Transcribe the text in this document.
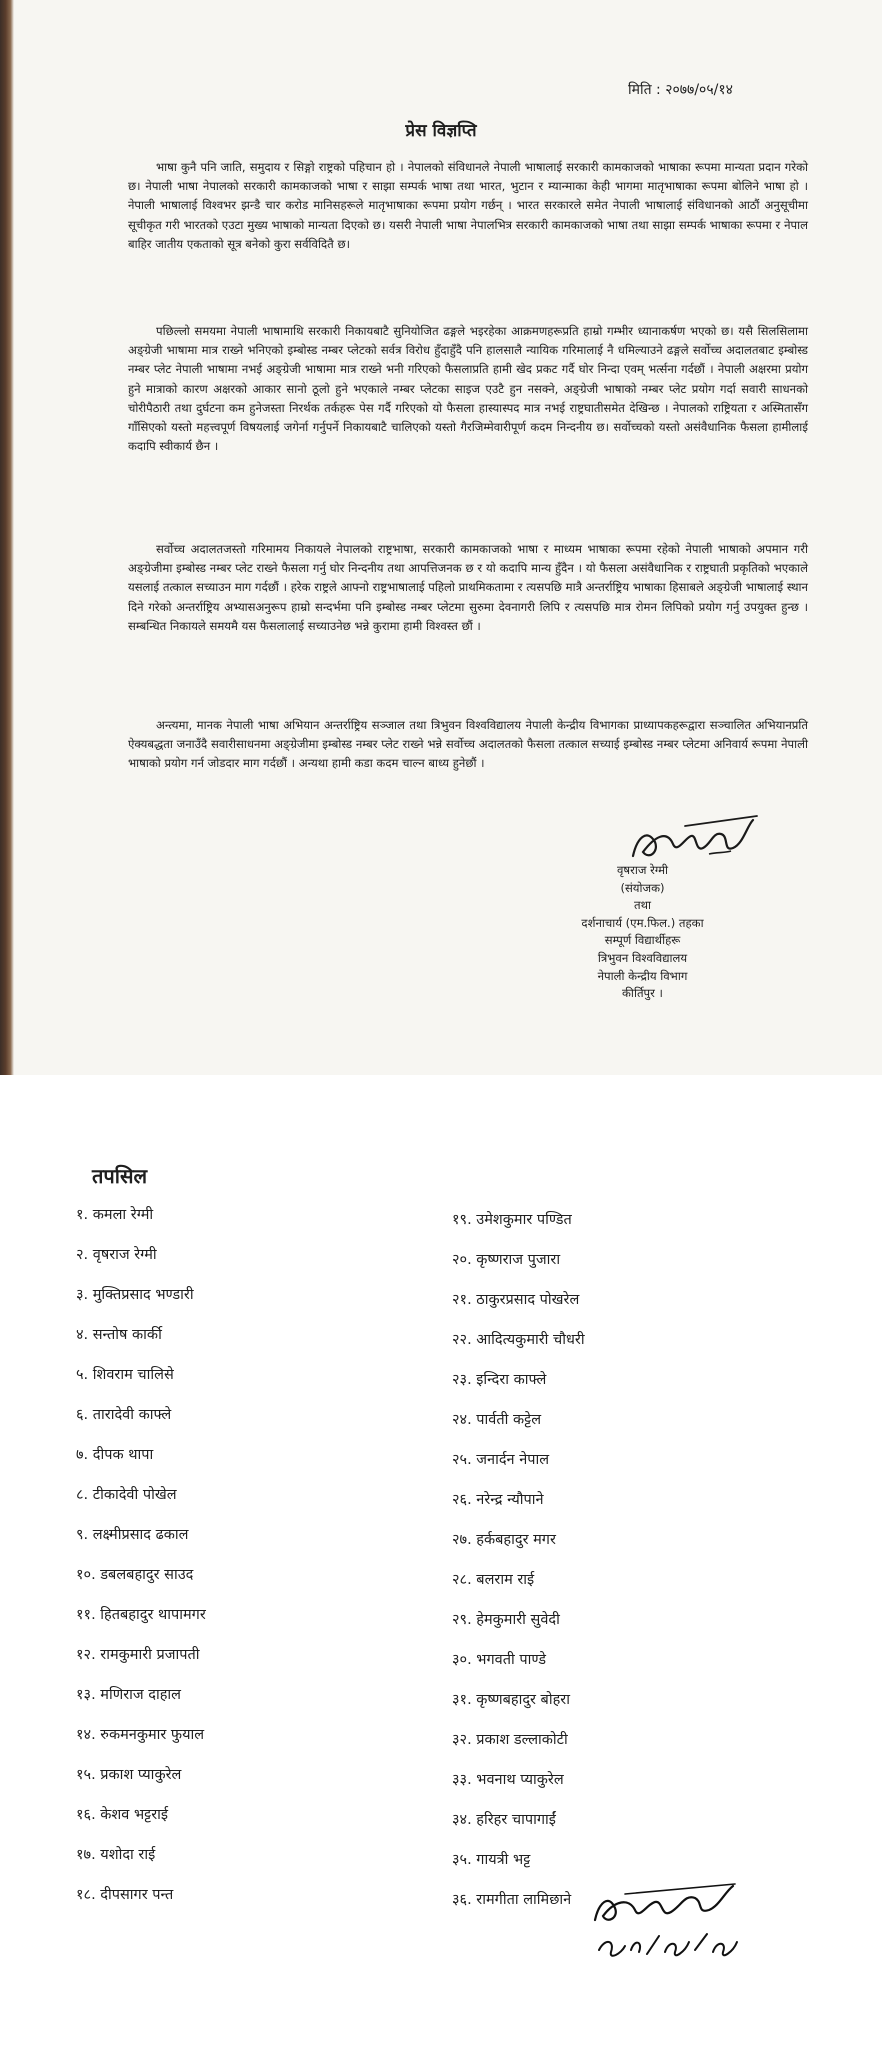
मिति : २०७७/०५/१४
प्रेस विज्ञप्ति

भाषा कुनै पनि जाति, समुदाय र सिङ्गो राष्ट्रको पहिचान हो । नेपालको संविधानले नेपाली भाषालाई सरकारी कामकाजको भाषाका रूपमा मान्यता प्रदान गरेको छ। नेपाली भाषा नेपालको सरकारी कामकाजको भाषा र साझा सम्पर्क भाषा तथा भारत, भुटान र म्यान्माका केही भागमा मातृभाषाका रूपमा बोलिने भाषा हो । नेपाली भाषालाई विश्वभर झन्डै चार करोड मानिसहरूले मातृभाषाका रूपमा प्रयोग गर्छन् । भारत सरकारले समेत नेपाली भाषालाई संविधानको आठौं अनुसूचीमा सूचीकृत गरी भारतको एउटा मुख्य भाषाको मान्यता दिएको छ। यसरी नेपाली भाषा नेपालभित्र सरकारी कामकाजको भाषा तथा साझा सम्पर्क भाषाका रूपमा र नेपाल बाहिर जातीय एकताको सूत्र बनेको कुरा सर्वविदितै छ।

पछिल्लो समयमा नेपाली भाषामाथि सरकारी निकायबाटै सुनियोजित ढङ्गले भइरहेका आक्रमणहरूप्रति हाम्रो गम्भीर ध्यानाकर्षण भएको छ। यसै सिलसिलामा अङ्ग्रेजी भाषामा मात्र राख्ने भनिएको इम्बोस्ड नम्बर प्लेटको सर्वत्र विरोध हुँदाहुँदै पनि हालसालै न्यायिक गरिमालाई नै धमिल्याउने ढङ्गले सर्वोच्च अदालतबाट इम्बोस्ड नम्बर प्लेट नेपाली भाषामा नभई अङ्ग्रेजी भाषामा मात्र राख्ने भनी गरिएको फैसलाप्रति हामी खेद प्रकट गर्दै घोर निन्दा एवम् भर्त्सना गर्दछौं । नेपाली अक्षरमा प्रयोग हुने मात्राको कारण अक्षरको आकार सानो ठूलो हुने भएकाले नम्बर प्लेटका साइज एउटै हुन नसक्ने, अङ्ग्रेजी भाषाको नम्बर प्लेट प्रयोग गर्दा सवारी साधनको चोरीपैठारी तथा दुर्घटना कम हुनेजस्ता निरर्थक तर्कहरू पेस गर्दै गरिएको यो फैसला हास्यास्पद मात्र नभई राष्ट्रघातीसमेत देखिन्छ । नेपालको राष्ट्रियता र अस्मितासँग गाँसिएको यस्तो महत्त्वपूर्ण विषयलाई ज‍गेर्ना गर्नुपर्ने निकायबाटै चालिएको यस्तो गैरजिम्मेवारीपूर्ण कदम निन्दनीय छ। सर्वोच्चको यस्तो असंवैधानिक फैसला हामीलाई कदापि स्वीकार्य छैन ।

सर्वोच्च अदालतजस्तो गरिमामय निकायले नेपालको राष्ट्रभाषा, सरकारी कामकाजको भाषा र माध्यम भाषाका रूपमा रहेको नेपाली भाषाको अपमान गरी अङ्ग्रेजीमा इम्बोस्ड नम्बर प्लेट राख्ने फैसला गर्नु घोर निन्दनीय तथा आपत्तिजनक छ र यो कदापि मान्य हुँदैन । यो फैसला असंवैधानिक र राष्ट्रघाती प्रकृतिको भएकाले यसलाई तत्काल सच्याउन माग गर्दछौं । हरेक राष्ट्रले आफ्नो राष्ट्रभाषालाई पहिलो प्राथमिकतामा र त्यसपछि मात्रै अन्तर्राष्ट्रिय भाषाका हिसाबले अङ्ग्रेजी भाषालाई स्थान दिने गरेको अन्तर्राष्ट्रिय अभ्यासअनुरूप हाम्रो सन्दर्भमा पनि इम्बोस्ड नम्बर प्लेटमा सुरुमा देवनागरी लिपि र त्यसपछि मात्र रोमन लिपिको प्रयोग गर्नु उपयुक्त हुन्छ । सम्बन्धित निकायले समयमै यस फैसलालाई सच्याउनेछ भन्ने कुरामा हामी विश्वस्त छौं ।

अन्त्यमा, मानक नेपाली भाषा अभियान अन्तर्राष्ट्रिय सञ्जाल तथा त्रिभुवन विश्वविद्यालय नेपाली केन्द्रीय विभागका प्राध्यापकहरूद्वारा सञ्चालित अभियानप्रति ऐक्यबद्धता जनाउँदै सवारीसाधनमा अङ्ग्रेजीमा इम्बोस्ड नम्बर प्लेट राख्ने भन्ने सर्वोच्च अदालतको फैसला तत्काल सच्याई इम्बोस्ड नम्बर प्लेटमा अनिवार्य रूपमा नेपाली भाषाको प्रयोग गर्न जोडदार माग गर्दछौं । अन्यथा हामी कडा कदम चाल्न बाध्य हुनेछौं ।

वृषराज रेग्मी
(संयोजक)
तथा
दर्शनाचार्य (एम.फिल.) तहका
सम्पूर्ण विद्यार्थीहरू
त्रिभुवन विश्वविद्यालय
नेपाली केन्द्रीय विभाग
कीर्तिपुर ।
तपसिल
१. कमला रेग्मी
२. वृषराज रेग्मी
३. मुक्तिप्रसाद भण्डारी
४. सन्तोष कार्की
५. शिवराम चालिसे
६. तारादेवी काफ्ले
७. दीपक थापा
८. टीकादेवी पोखेल
९. लक्ष्मीप्रसाद ढकाल
१०. डबलबहादुर साउद
११. हितबहादुर थापामगर
१२. रामकुमारी प्रजापती
१३. मणिराज दाहाल
१४. रुकमनकुमार फुयाल
१५. प्रकाश प्याकुरेल
१६. केशव भट्टराई
१७. यशोदा राई
१८. दीपसागर पन्त
१९. उमेशकुमार पण्डित
२०. कृष्णराज पुजारा
२१. ठाकुरप्रसाद पोखरेल
२२. आदित्यकुमारी चौधरी
२३. इन्दिरा काफ्ले
२४. पार्वती कट्टेल
२५. जनार्दन नेपाल
२६. नरेन्द्र न्यौपाने
२७. हर्कबहादुर मगर
२८. बलराम राई
२९. हेमकुमारी सुवेदी
३०. भगवती पाण्डे
३१. कृष्णबहादुर बोहरा
३२. प्रकाश डल्लाकोटी
३३. भवनाथ प्याकुरेल
३४. हरिहर चापागाईं
३५. गायत्री भट्ट
३६. रामगीता लामिछाने
